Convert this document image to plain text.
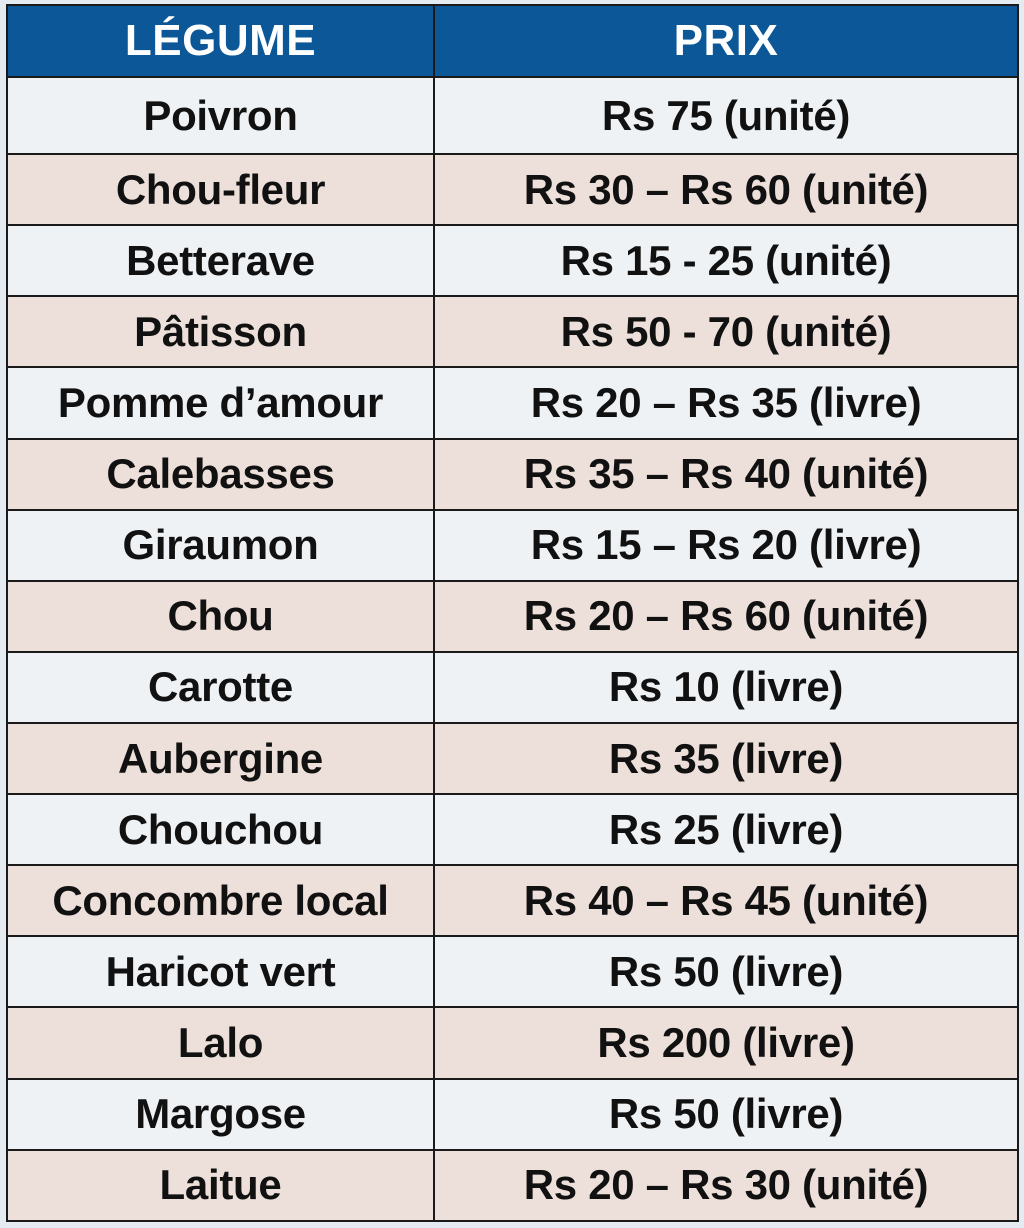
LÉGUME	PRIX
Poivron	Rs 75 (unité)
Chou-fleur	Rs 30 – Rs 60 (unité)
Betterave	Rs 15 - 25 (unité)
Pâtisson	Rs 50 - 70 (unité)
Pomme d’amour	Rs 20 – Rs 35 (livre)
Calebasses	Rs 35 – Rs 40 (unité)
Giraumon	Rs 15 – Rs 20 (livre)
Chou	Rs 20 – Rs 60 (unité)
Carotte	Rs 10 (livre)
Aubergine	Rs 35 (livre)
Chouchou	Rs 25 (livre)
Concombre local	Rs 40 – Rs 45 (unité)
Haricot vert	Rs 50 (livre)
Lalo	Rs 200 (livre)
Margose	Rs 50 (livre)
Laitue	Rs 20 – Rs 30 (unité)
